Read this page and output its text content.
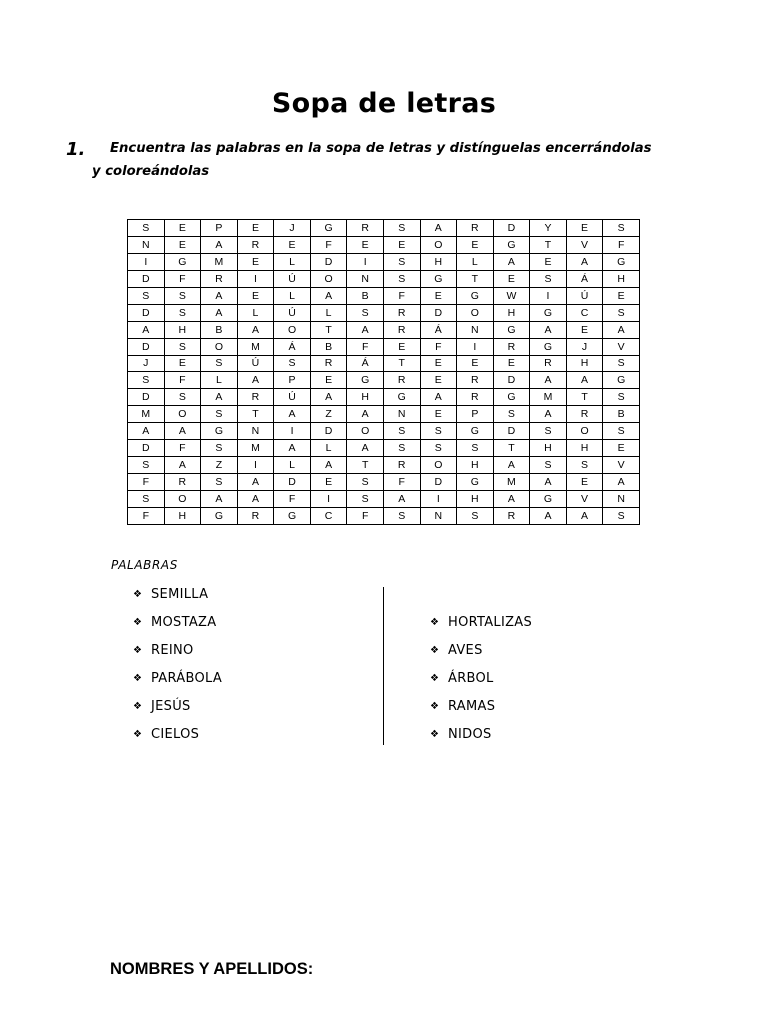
Sopa de letras
1. Encuentra las palabras en la sopa de letras y distínguelas encerrándolas
y coloreándolas
S	E	P	E	J	G	R	S	A	R	D	Y	E	S
N	E	A	R	E	F	E	E	O	E	G	T	V	F
I	G	M	E	L	D	I	S	H	L	A	E	A	G
D	F	R	I	Ú	O	N	S	G	T	E	S	Á	H
S	S	A	E	L	A	B	F	E	G	W	I	Ú	E
D	S	A	L	Ú	L	S	R	D	O	H	G	C	S
A	H	B	A	O	T	A	R	Á	N	G	A	E	A
D	S	O	M	Á	B	F	E	F	I	R	G	J	V
J	E	S	Ú	S	R	Á	T	E	E	E	R	H	S
S	F	L	A	P	E	G	R	E	R	D	A	A	G
D	S	A	R	Ú	A	H	G	A	R	G	M	T	S
M	O	S	T	A	Z	A	N	E	P	S	A	R	B
A	A	G	N	I	D	O	S	S	G	D	S	O	S
D	F	S	M	A	L	A	S	S	S	T	H	H	E
S	A	Z	I	L	A	T	R	O	H	A	S	S	V
F	R	S	A	D	E	S	F	D	G	M	A	E	A
S	O	A	A	F	I	S	A	I	H	A	G	V	N
F	H	G	R	G	C	F	S	N	S	R	A	A	S
PALABRAS
❖ SEMILLA
❖ MOSTAZA
❖ REINO
❖ PARÁBOLA
❖ JESÚS
❖ CIELOS
❖ HORTALIZAS
❖ AVES
❖ ÁRBOL
❖ RAMAS
❖ NIDOS
NOMBRES Y APELLIDOS:
